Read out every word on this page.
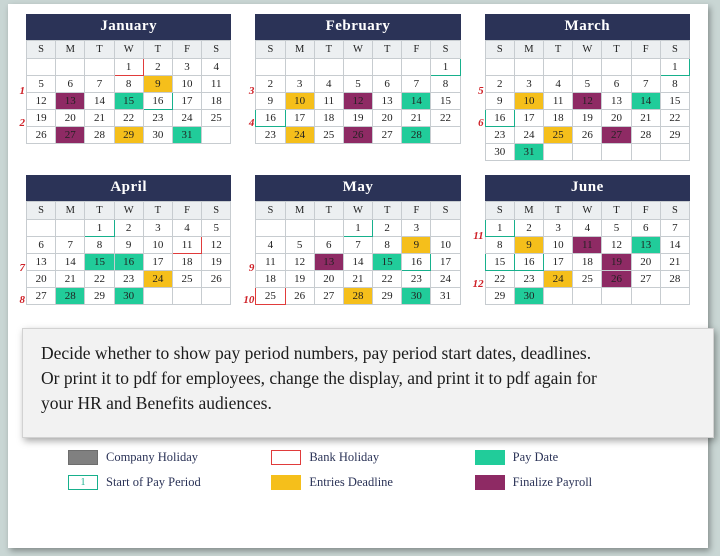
January
S	M	T	W	T	F	S
			1	2	3	4
5	6	7	8	9	10	11
12	13	14	15	16	17	18
19	20	21	22	23	24	25
26	27	28	29	30	31	
1
2
February
S	M	T	W	T	F	S
						1
2	3	4	5	6	7	8
9	10	11	12	13	14	15
16	17	18	19	20	21	22
23	24	25	26	27	28	
3
4
March
S	M	T	W	T	F	S
						1
2	3	4	5	6	7	8
9	10	11	12	13	14	15
16	17	18	19	20	21	22
23	24	25	26	27	28	29
30	31					
5
6
April
S	M	T	W	T	F	S
		1	2	3	4	5
6	7	8	9	10	11	12
13	14	15	16	17	18	19
20	21	22	23	24	25	26
27	28	29	30			
7
8
May
S	M	T	W	T	F	S
			1	2	3	
4	5	6	7	8	9	10
11	12	13	14	15	16	17
18	19	20	21	22	23	24
25	26	27	28	29	30	31
9
10
June
S	M	T	W	T	F	S
1	2	3	4	5	6	7
8	9	10	11	12	13	14
15	16	17	18	19	20	21
22	23	24	25	26	27	28
29	30					
11
12

Decide whether to show pay period numbers, pay period start dates, deadlines.

Or print it to pdf for employees, change the display, and print it to pdf again for

your HR and Benefits audiences.

Company Holiday	Bank Holiday	Pay Date
1	Start of Pay Period	Entries Deadline	Finalize Payroll
